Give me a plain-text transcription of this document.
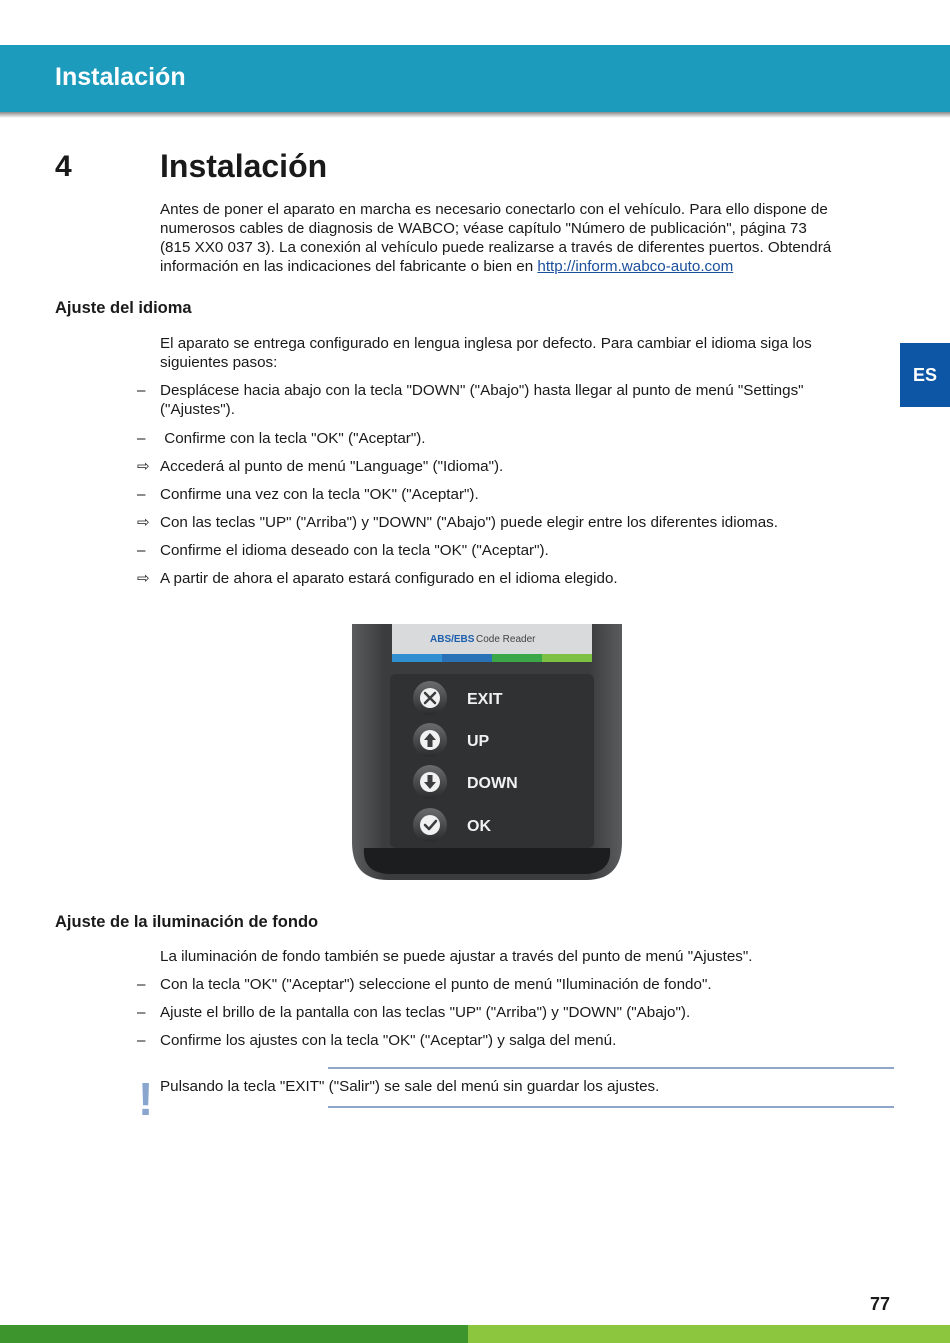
Instalación
ES
4	Instalación
Antes de poner el aparato en marcha es necesario conectarlo con el vehículo. Para ello dispone de
numerosos cables de diagnosis de WABCO; véase capítulo "Número de publicación", página 73
(815 XX0 037 3). La conexión al vehículo puede realizarse a través de diferentes puertos. Obtendrá
información en las indicaciones del fabricante o bien en http://inform.wabco-auto.com
Ajuste del idioma
El aparato se entrega configurado en lengua inglesa por defecto. Para cambiar el idioma siga los
siguientes pasos:
– Desplácese hacia abajo con la tecla "DOWN" ("Abajo") hasta llegar al punto de menú "Settings"
("Ajustes").
– Confirme con la tecla "OK" ("Aceptar").
⇨ Accederá al punto de menú "Language" ("Idioma").
– Confirme una vez con la tecla "OK" ("Aceptar").
⇨ Con las teclas "UP" ("Arriba") y "DOWN" ("Abajo") puede elegir entre los diferentes idiomas.
– Confirme el idioma deseado con la tecla "OK" ("Aceptar").
⇨ A partir de ahora el aparato estará configurado en el idioma elegido.
ABS/EBS Code Reader
EXIT
UP
DOWN
OK
Ajuste de la iluminación de fondo
La iluminación de fondo también se puede ajustar a través del punto de menú "Ajustes".
– Con la tecla "OK" ("Aceptar") seleccione el punto de menú "Iluminación de fondo".
– Ajuste el brillo de la pantalla con las teclas "UP" ("Arriba") y "DOWN" ("Abajo").
– Confirme los ajustes con la tecla "OK" ("Aceptar") y salga del menú.
! Pulsando la tecla "EXIT" ("Salir") se sale del menú sin guardar los ajustes.
77
